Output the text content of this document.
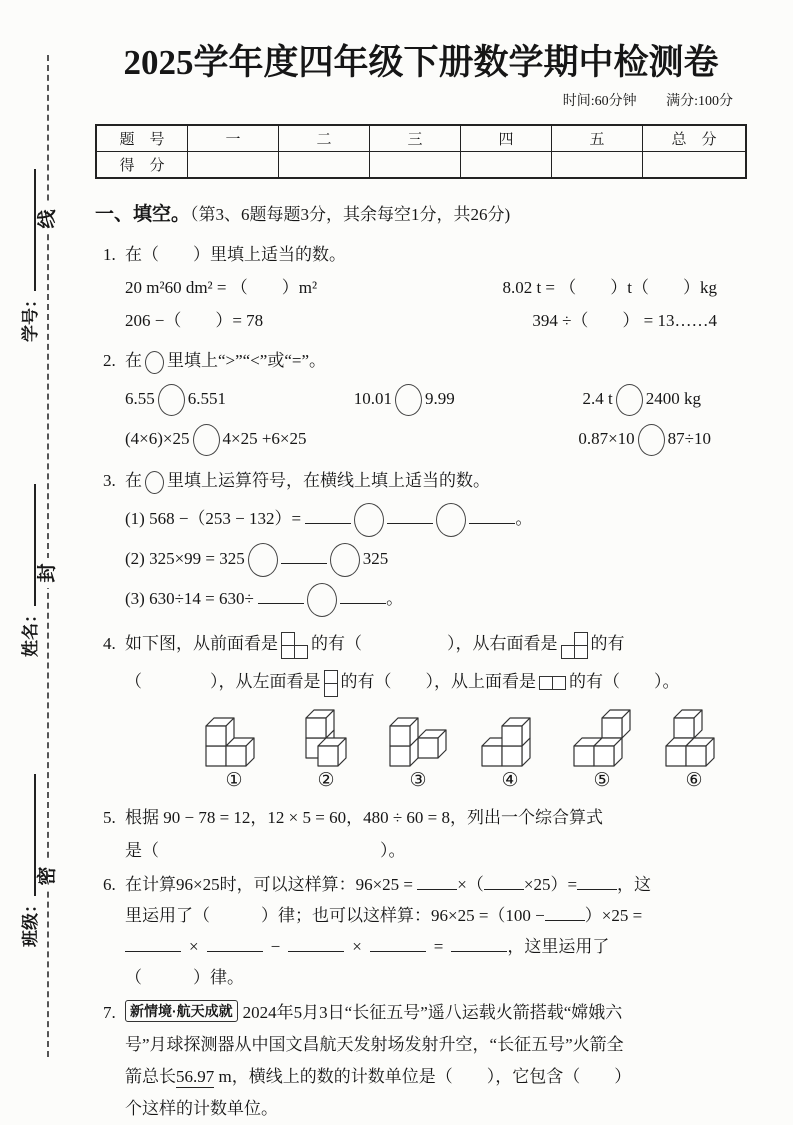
线
封
密
学号：
姓名：
班级：
2025学年度四年级下册数学期中检测卷
时间:60分钟 满分:100分
题　号	一	二	三	四	五	总　分
得　分						
一、填空。（第3、6题每题3分，其余每空1分，共26分)
1. 在（　　）里填上适当的数。
20 m²60 dm² = （　　）m²	8.02 t = （　　）t（　　）kg
206 −（　　）= 78	394 ÷（　　） = 13……4
2. 在 里填上“>”“<”或“=”。
6.55 6.551	10.01 9.99	2.4 t 2400 kg
(4×6)×25 4×25 +6×25	0.87×10 87÷10
3. 在 里填上运算符号，在横线上填上适当的数。
(1) 568 −（253 − 132）=	。
(2) 325×99 = 325	325
(3) 630÷14 = 630÷	。
4. 如下图，从前面看是 的有（　　　　　），从右面看是 的有
（　　　　），从左面看是 的有（　　），从上面看是 的有（　　）。
①	②	③	④	⑤	⑥
5. 根据 90 − 78 = 12，12 × 5 = 60，480 ÷ 60 = 8，列出一个综合算式
是（　　　　　　　　　　　　　）。
6. 在计算96×25时，可以这样算：96×25 =	×（ ×25）= ，这
里运用了（　　　）律；也可以这样算：96×25 =（100 − ）×25 =
×	−	×	=	，这里运用了
（　　　）律。
7.	新情境·航天成就 2024年5月3日“长征五号”遥八运载火箭搭载“嫦娥六
号”月球探测器从中国文昌航天发射场发射升空，“长征五号”火箭全
箭总长56.97 m，横线上的数的计数单位是（　　），它包含（　　）
个这样的计数单位。
